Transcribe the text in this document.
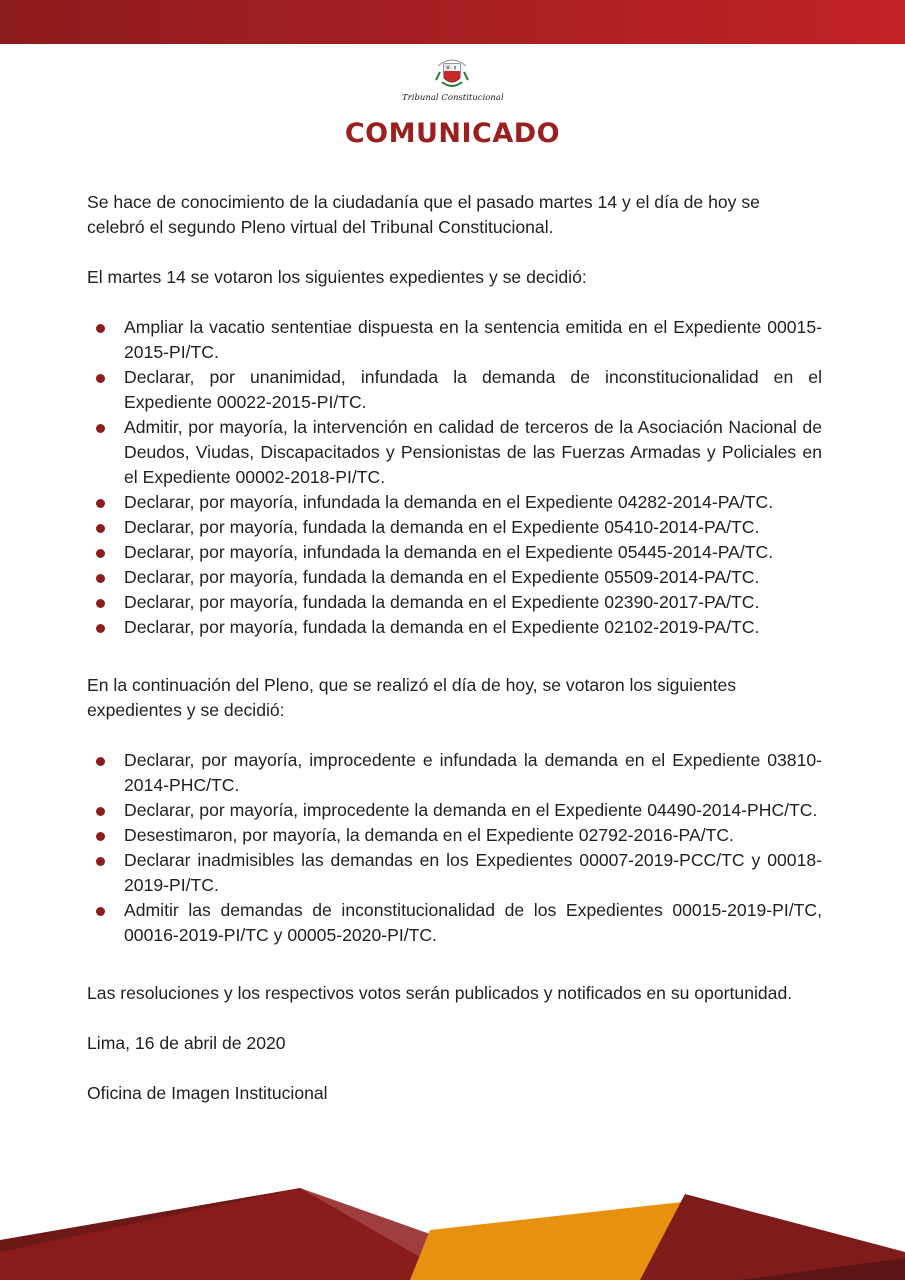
Tribunal Constitucional
COMUNICADO

Se hace de conocimiento de la ciudadanía que el pasado martes 14 y el día de hoy se celebró el segundo Pleno virtual del Tribunal Constitucional.

El martes 14 se votaron los siguientes expedientes y se decidió:

Ampliar la vacatio sententiae dispuesta en la sentencia emitida en el Expediente 00015-2015-PI/TC.
Declarar, por unanimidad, infundada la demanda de inconstitucionalidad en el Expediente 00022-2015-PI/TC.
Admitir, por mayoría, la intervención en calidad de terceros de la Asociación Nacional de Deudos, Viudas, Discapacitados y Pensionistas de las Fuerzas Armadas y Policiales en el Expediente 00002-2018-PI/TC.
Declarar, por mayoría, infundada la demanda en el Expediente 04282-2014-PA/TC.
Declarar, por mayoría, fundada la demanda en el Expediente 05410-2014-PA/TC.
Declarar, por mayoría, infundada la demanda en el Expediente 05445-2014-PA/TC.
Declarar, por mayoría, fundada la demanda en el Expediente 05509-2014-PA/TC.
Declarar, por mayoría, fundada la demanda en el Expediente 02390-2017-PA/TC.
Declarar, por mayoría, fundada la demanda en el Expediente 02102-2019-PA/TC.

En la continuación del Pleno, que se realizó el día de hoy, se votaron los siguientes expedientes y se decidió:

Declarar, por mayoría, improcedente e infundada la demanda en el Expediente 03810-2014-PHC/TC.
Declarar, por mayoría, improcedente la demanda en el Expediente 04490-2014-PHC/TC.
Desestimaron, por mayoría, la demanda en el Expediente 02792-2016-PA/TC.
Declarar inadmisibles las demandas en los Expedientes 00007-2019-PCC/TC y 00018-2019-PI/TC.
Admitir las demandas de inconstitucionalidad de los Expedientes 00015-2019-PI/TC, 00016-2019-PI/TC y 00005-2020-PI/TC.

Las resoluciones y los respectivos votos serán publicados y notificados en su oportunidad.

Lima, 16 de abril de 2020

Oficina de Imagen Institucional
